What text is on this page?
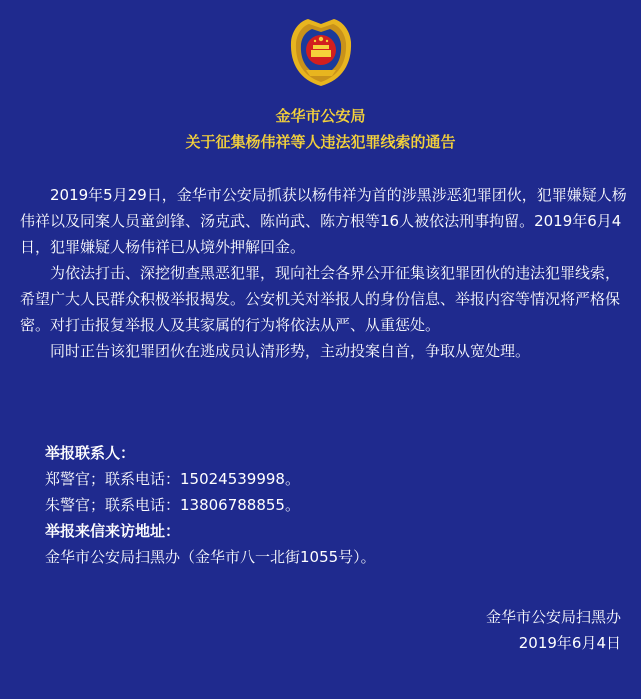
金华市公安局
关于征集杨伟祥等人违法犯罪线索的通告

2019年5月29日，金华市公安局抓获以杨伟祥为首的涉黑涉恶犯罪团伙，犯罪嫌疑人杨伟祥以及同案人员童剑锋、汤克武、陈尚武、陈方根等16人被依法刑事拘留。2019年6月4日，犯罪嫌疑人杨伟祥已从境外押解回金。

为依法打击、深挖彻查黑恶犯罪，现向社会各界公开征集该犯罪团伙的违法犯罪线索，希望广大人民群众积极举报揭发。公安机关对举报人的身份信息、举报内容等情况将严格保密。对打击报复举报人及其家属的行为将依法从严、从重惩处。

同时正告该犯罪团伙在逃成员认清形势，主动投案自首，争取从宽处理。

举报联系人：
郑警官；联系电话：15024539998。
朱警官；联系电话：13806788855。
举报来信来访地址：
金华市公安局扫黑办（金华市八一北街1055号）。
金华市公安局扫黑办
2019年6月4日
